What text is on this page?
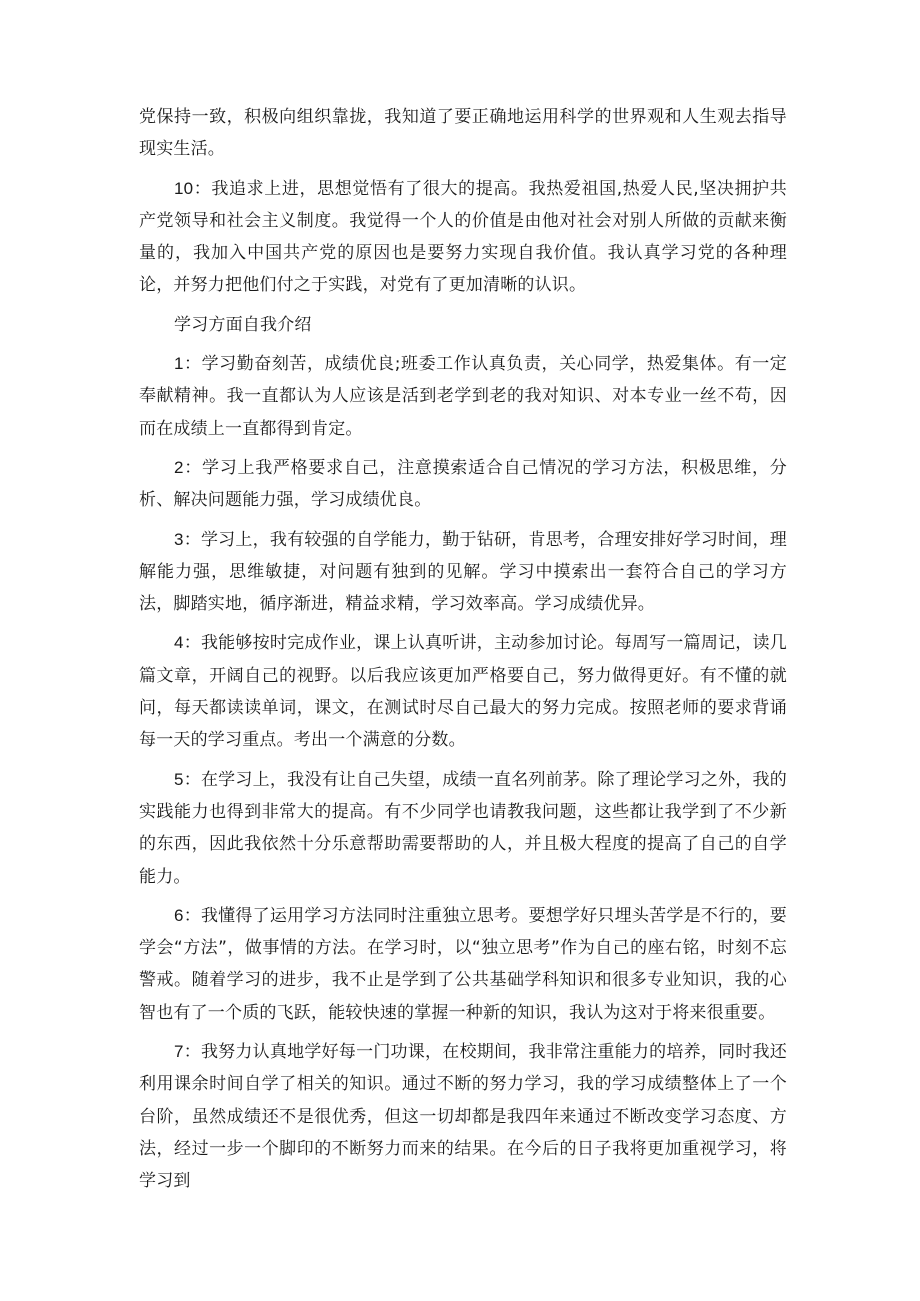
党保持一致，积极向组织靠拢，我知道了要正确地运用科学的世界观和人生观去指导现实生活。

10：我追求上进，思想觉悟有了很大的提高。我热爱祖国,热爱人民,坚决拥护共产党领导和社会主义制度。我觉得一个人的价值是由他对社会对别人所做的贡献来衡量的，我加入中国共产党的原因也是要努力实现自我价值。我认真学习党的各种理论，并努力把他们付之于实践，对党有了更加清晰的认识。

学习方面自我介绍

1：学习勤奋刻苦，成绩优良;班委工作认真负责，关心同学，热爱集体。有一定奉献精神。我一直都认为人应该是活到老学到老的我对知识、对本专业一丝不苟，因而在成绩上一直都得到肯定。

2：学习上我严格要求自己，注意摸索适合自己情况的学习方法，积极思维，分析、解决问题能力强，学习成绩优良。

3：学习上，我有较强的自学能力，勤于钻研，肯思考，合理安排好学习时间，理解能力强，思维敏捷，对问题有独到的见解。学习中摸索出一套符合自己的学习方法，脚踏实地，循序渐进，精益求精，学习效率高。学习成绩优异。

4：我能够按时完成作业，课上认真听讲，主动参加讨论。每周写一篇周记，读几篇文章，开阔自己的视野。以后我应该更加严格要自己，努力做得更好。有不懂的就问，每天都读读单词，课文，在测试时尽自己最大的努力完成。按照老师的要求背诵每一天的学习重点。考出一个满意的分数。

5：在学习上，我没有让自己失望，成绩一直名列前茅。除了理论学习之外，我的实践能力也得到非常大的提高。有不少同学也请教我问题，这些都让我学到了不少新的东西，因此我依然十分乐意帮助需要帮助的人，并且极大程度的提高了自己的自学能力。

6：我懂得了运用学习方法同时注重独立思考。要想学好只埋头苦学是不行的，要学会“方法”，做事情的方法。在学习时，以“独立思考”作为自己的座右铭，时刻不忘警戒。随着学习的进步，我不止是学到了公共基础学科知识和很多专业知识，我的心智也有了一个质的飞跃，能较快速的掌握一种新的知识，我认为这对于将来很重要。

7：我努力认真地学好每一门功课，在校期间，我非常注重能力的培养，同时我还利用课余时间自学了相关的知识。通过不断的努力学习，我的学习成绩整体上了一个台阶，虽然成绩还不是很优秀，但这一切却都是我四年来通过不断改变学习态度、方法，经过一步一个脚印的不断努力而来的结果。在今后的日子我将更加重视学习，将学习到
